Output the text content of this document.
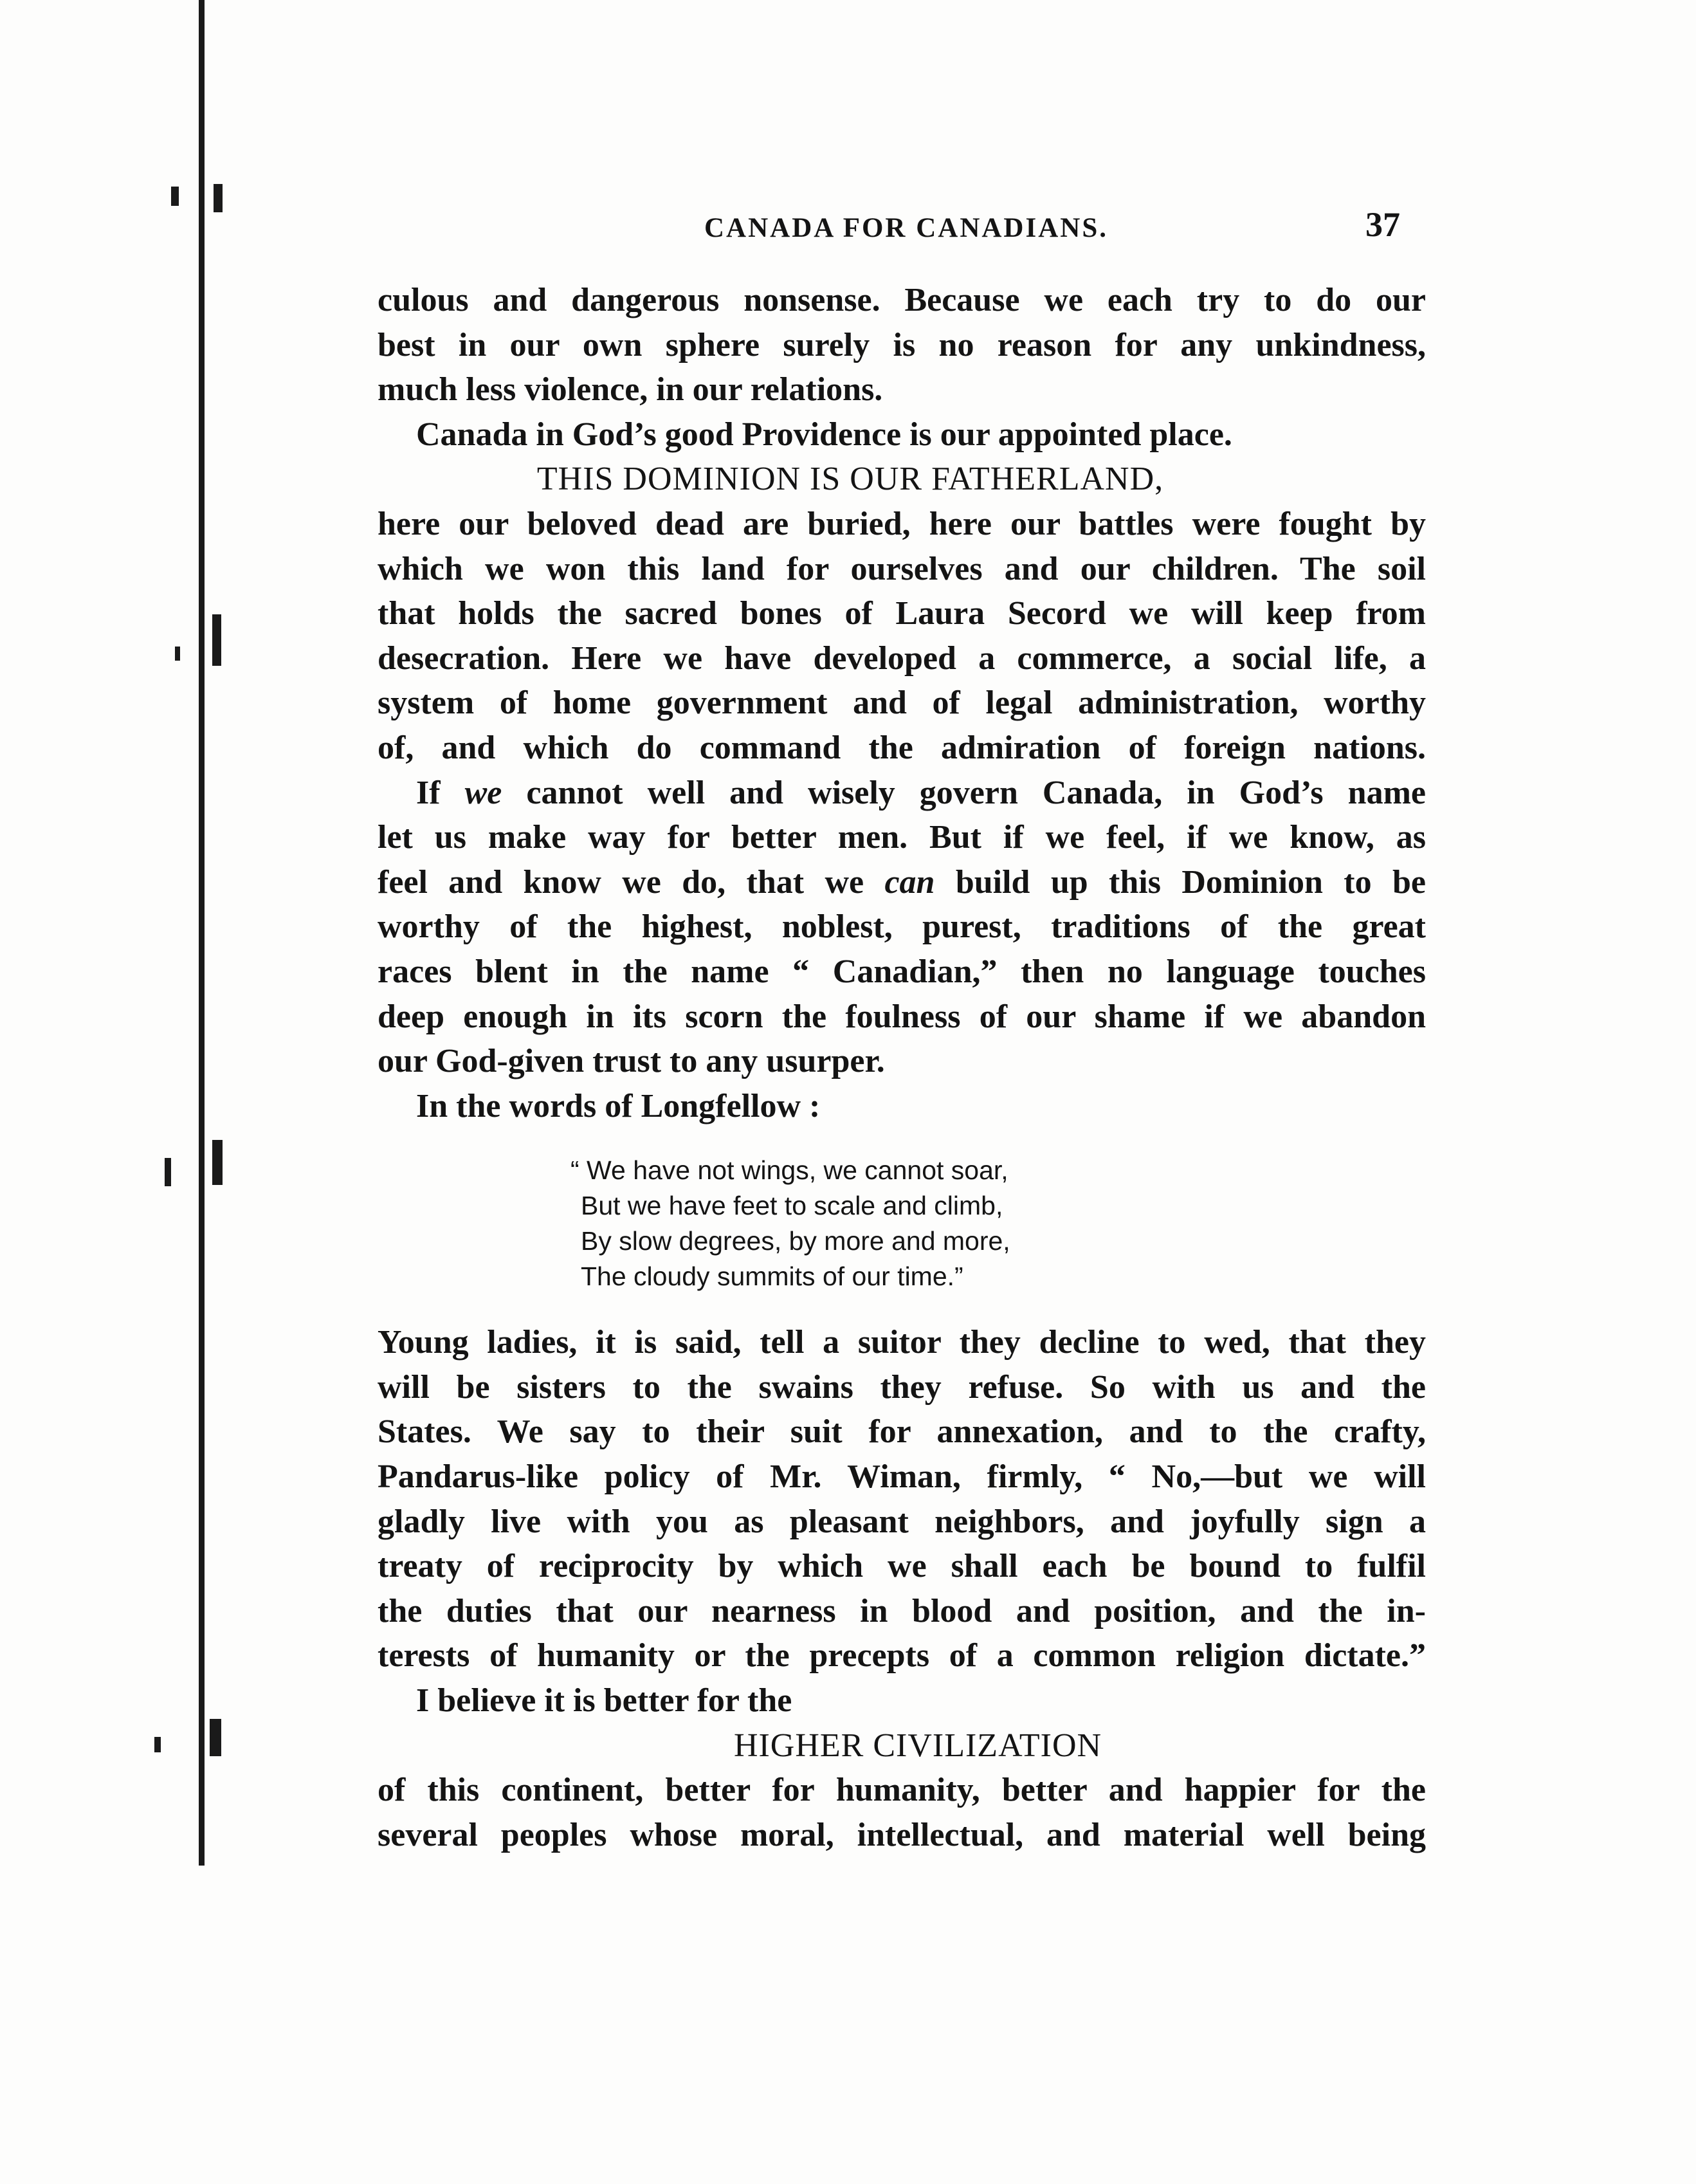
CANADA FOR CANADIANS.	37
culous and dangerous nonsense. Because we each try to do our
best in our own sphere surely is no reason for any unkindness,
much less violence, in our relations.
Canada in God’s good Providence is our appointed place.
THIS DOMINION IS OUR FATHERLAND,
here our beloved dead are buried, here our battles were fought by
which we won this land for ourselves and our children. The soil
that holds the sacred bones of Laura Secord we will keep from
desecration. Here we have developed a commerce, a social life, a
system of home government and of legal administration, worthy
of, and which do command the admiration of foreign nations.
If we cannot well and wisely govern Canada, in God’s name
let us make way for better men. But if we feel, if we know, as
feel and know we do, that we can build up this Dominion to be
worthy of the highest, noblest, purest, traditions of the great
races blent in the name “ Canadian,” then no language touches
deep enough in its scorn the foulness of our shame if we abandon
our God-given trust to any usurper.
In the words of Longfellow :
“ We have not wings, we cannot soar,
But we have feet to scale and climb,
By slow degrees, by more and more,
The cloudy summits of our time.”
Young ladies, it is said, tell a suitor they decline to wed, that they
will be sisters to the swains they refuse. So with us and the
States. We say to their suit for annexation, and to the crafty,
Pandarus-like policy of Mr. Wiman, firmly, “ No,—but we will
gladly live with you as pleasant neighbors, and joyfully sign a
treaty of reciprocity by which we shall each be bound to fulfil
the duties that our nearness in blood and position, and the in-
terests of humanity or the precepts of a common religion dictate.”
I believe it is better for the
HIGHER CIVILIZATION
of this continent, better for humanity, better and happier for the
several peoples whose moral, intellectual, and material well being
